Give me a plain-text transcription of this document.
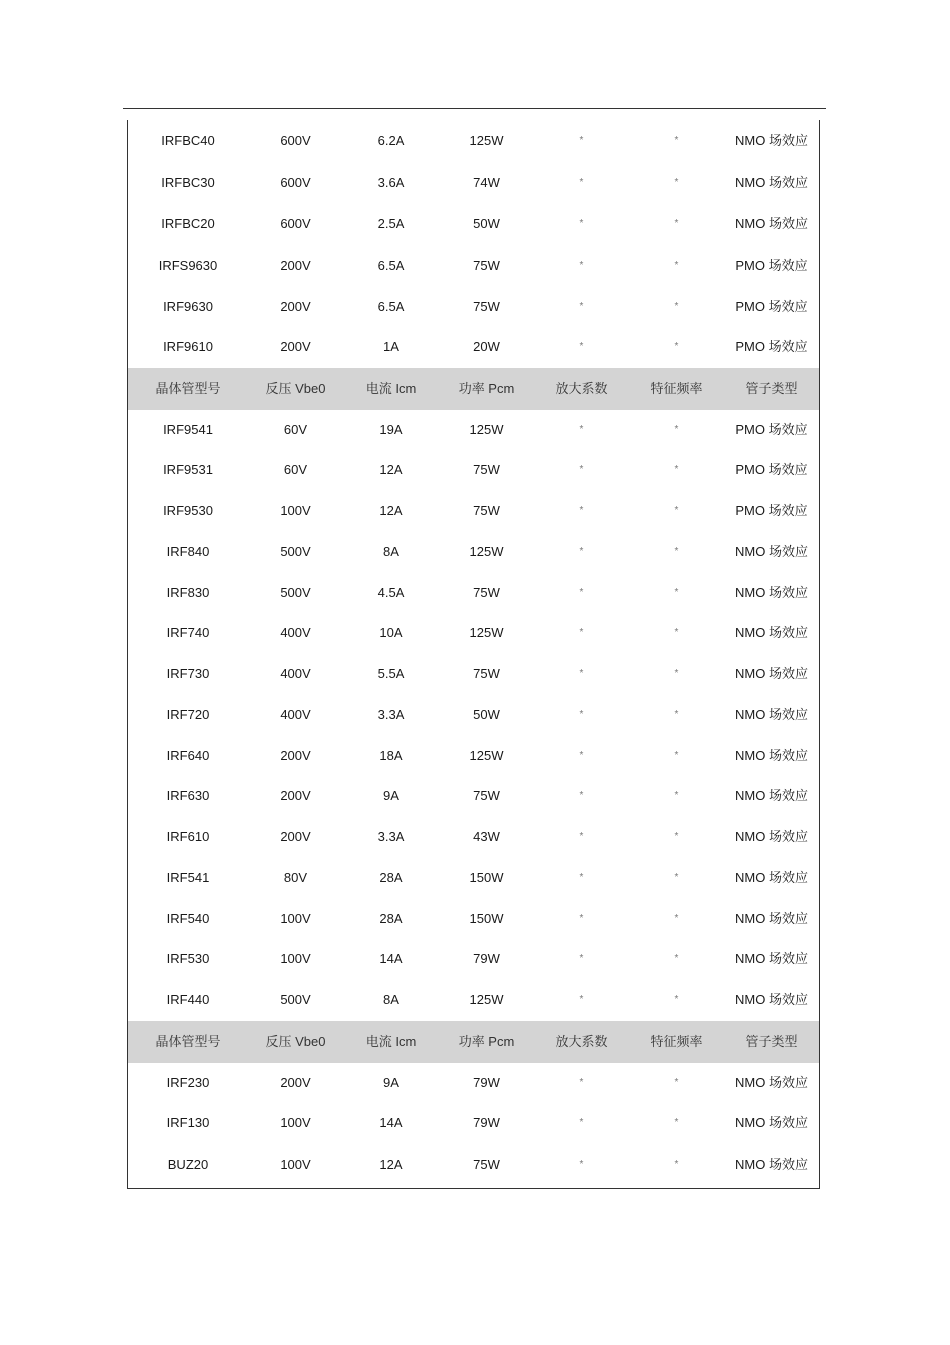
IRFBC40	600V	6.2A	125W	*	*	NMO 场效应
IRFBC30	600V	3.6A	74W	*	*	NMO 场效应
IRFBC20	600V	2.5A	50W	*	*	NMO 场效应
IRFS9630	200V	6.5A	75W	*	*	PMO 场效应
IRF9630	200V	6.5A	75W	*	*	PMO 场效应
IRF9610	200V	1A	20W	*	*	PMO 场效应
晶体管型号	反压 Vbe0	电流 Icm	功率 Pcm	放大系数	特征频率	管子类型
IRF9541	60V	19A	125W	*	*	PMO 场效应
IRF9531	60V	12A	75W	*	*	PMO 场效应
IRF9530	100V	12A	75W	*	*	PMO 场效应
IRF840	500V	8A	125W	*	*	NMO 场效应
IRF830	500V	4.5A	75W	*	*	NMO 场效应
IRF740	400V	10A	125W	*	*	NMO 场效应
IRF730	400V	5.5A	75W	*	*	NMO 场效应
IRF720	400V	3.3A	50W	*	*	NMO 场效应
IRF640	200V	18A	125W	*	*	NMO 场效应
IRF630	200V	9A	75W	*	*	NMO 场效应
IRF610	200V	3.3A	43W	*	*	NMO 场效应
IRF541	80V	28A	150W	*	*	NMO 场效应
IRF540	100V	28A	150W	*	*	NMO 场效应
IRF530	100V	14A	79W	*	*	NMO 场效应
IRF440	500V	8A	125W	*	*	NMO 场效应
晶体管型号	反压 Vbe0	电流 Icm	功率 Pcm	放大系数	特征频率	管子类型
IRF230	200V	9A	79W	*	*	NMO 场效应
IRF130	100V	14A	79W	*	*	NMO 场效应
BUZ20	100V	12A	75W	*	*	NMO 场效应
